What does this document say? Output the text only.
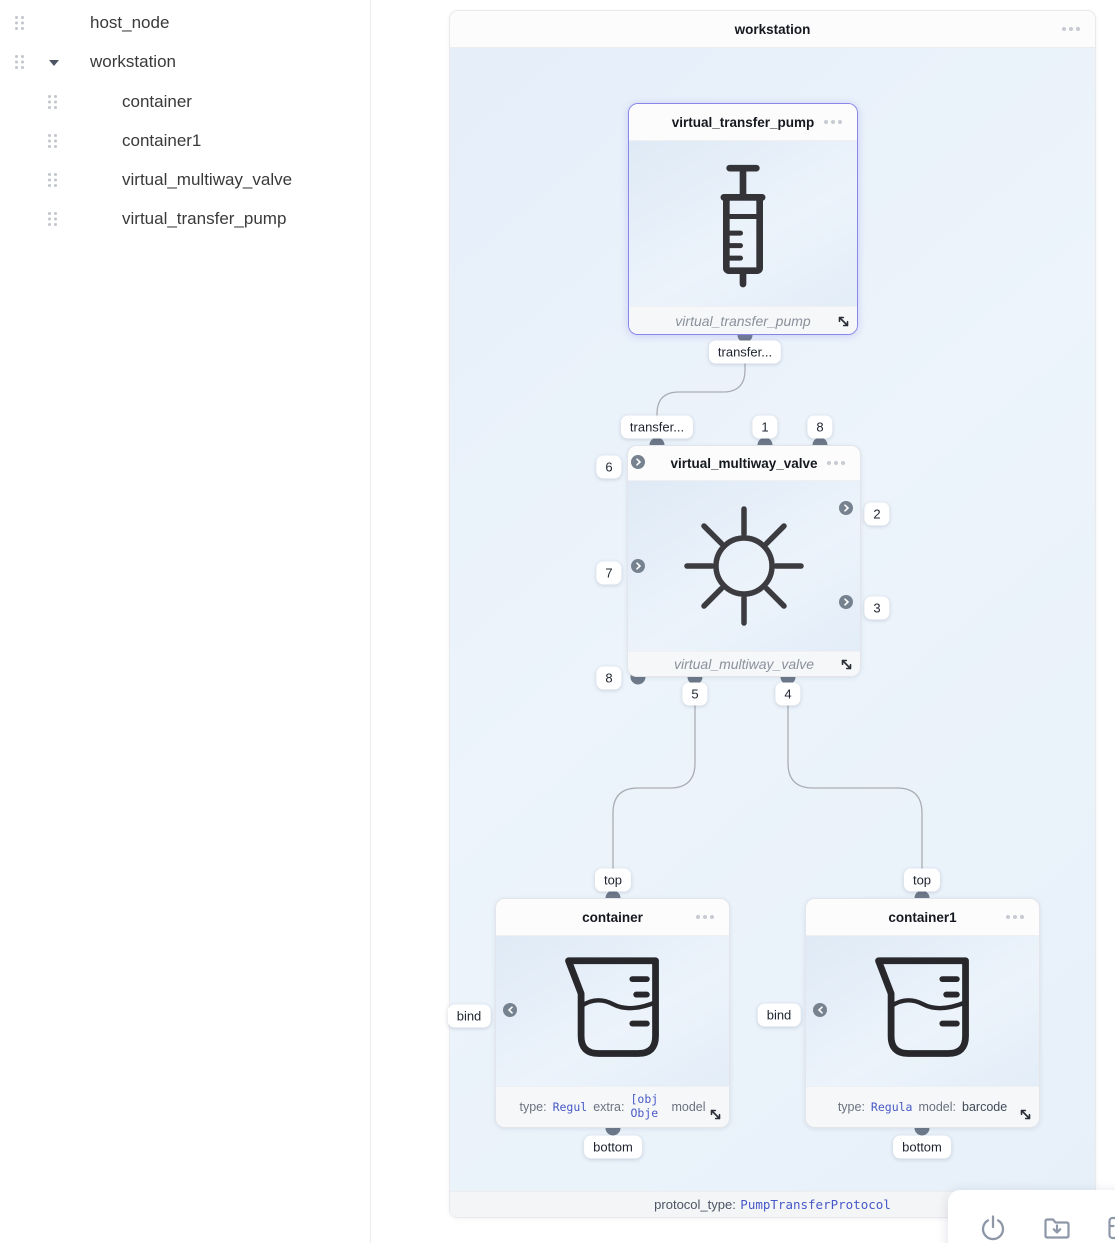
host_node
workstation
container
container1
virtual_multiway_valve
virtual_transfer_pump
workstation
protocol_type: PumpTransferProtocol
virtual_transfer_pump
virtual_transfer_pump
virtual_multiway_valve
virtual_multiway_valve
container
type: Regul extra:
[obj Obje	model
container1
type: Regula model: barcode
transfer...
transfer...	1	8
6
7
8
2
3
5	4
top
bind
bottom
top
bind
bottom
